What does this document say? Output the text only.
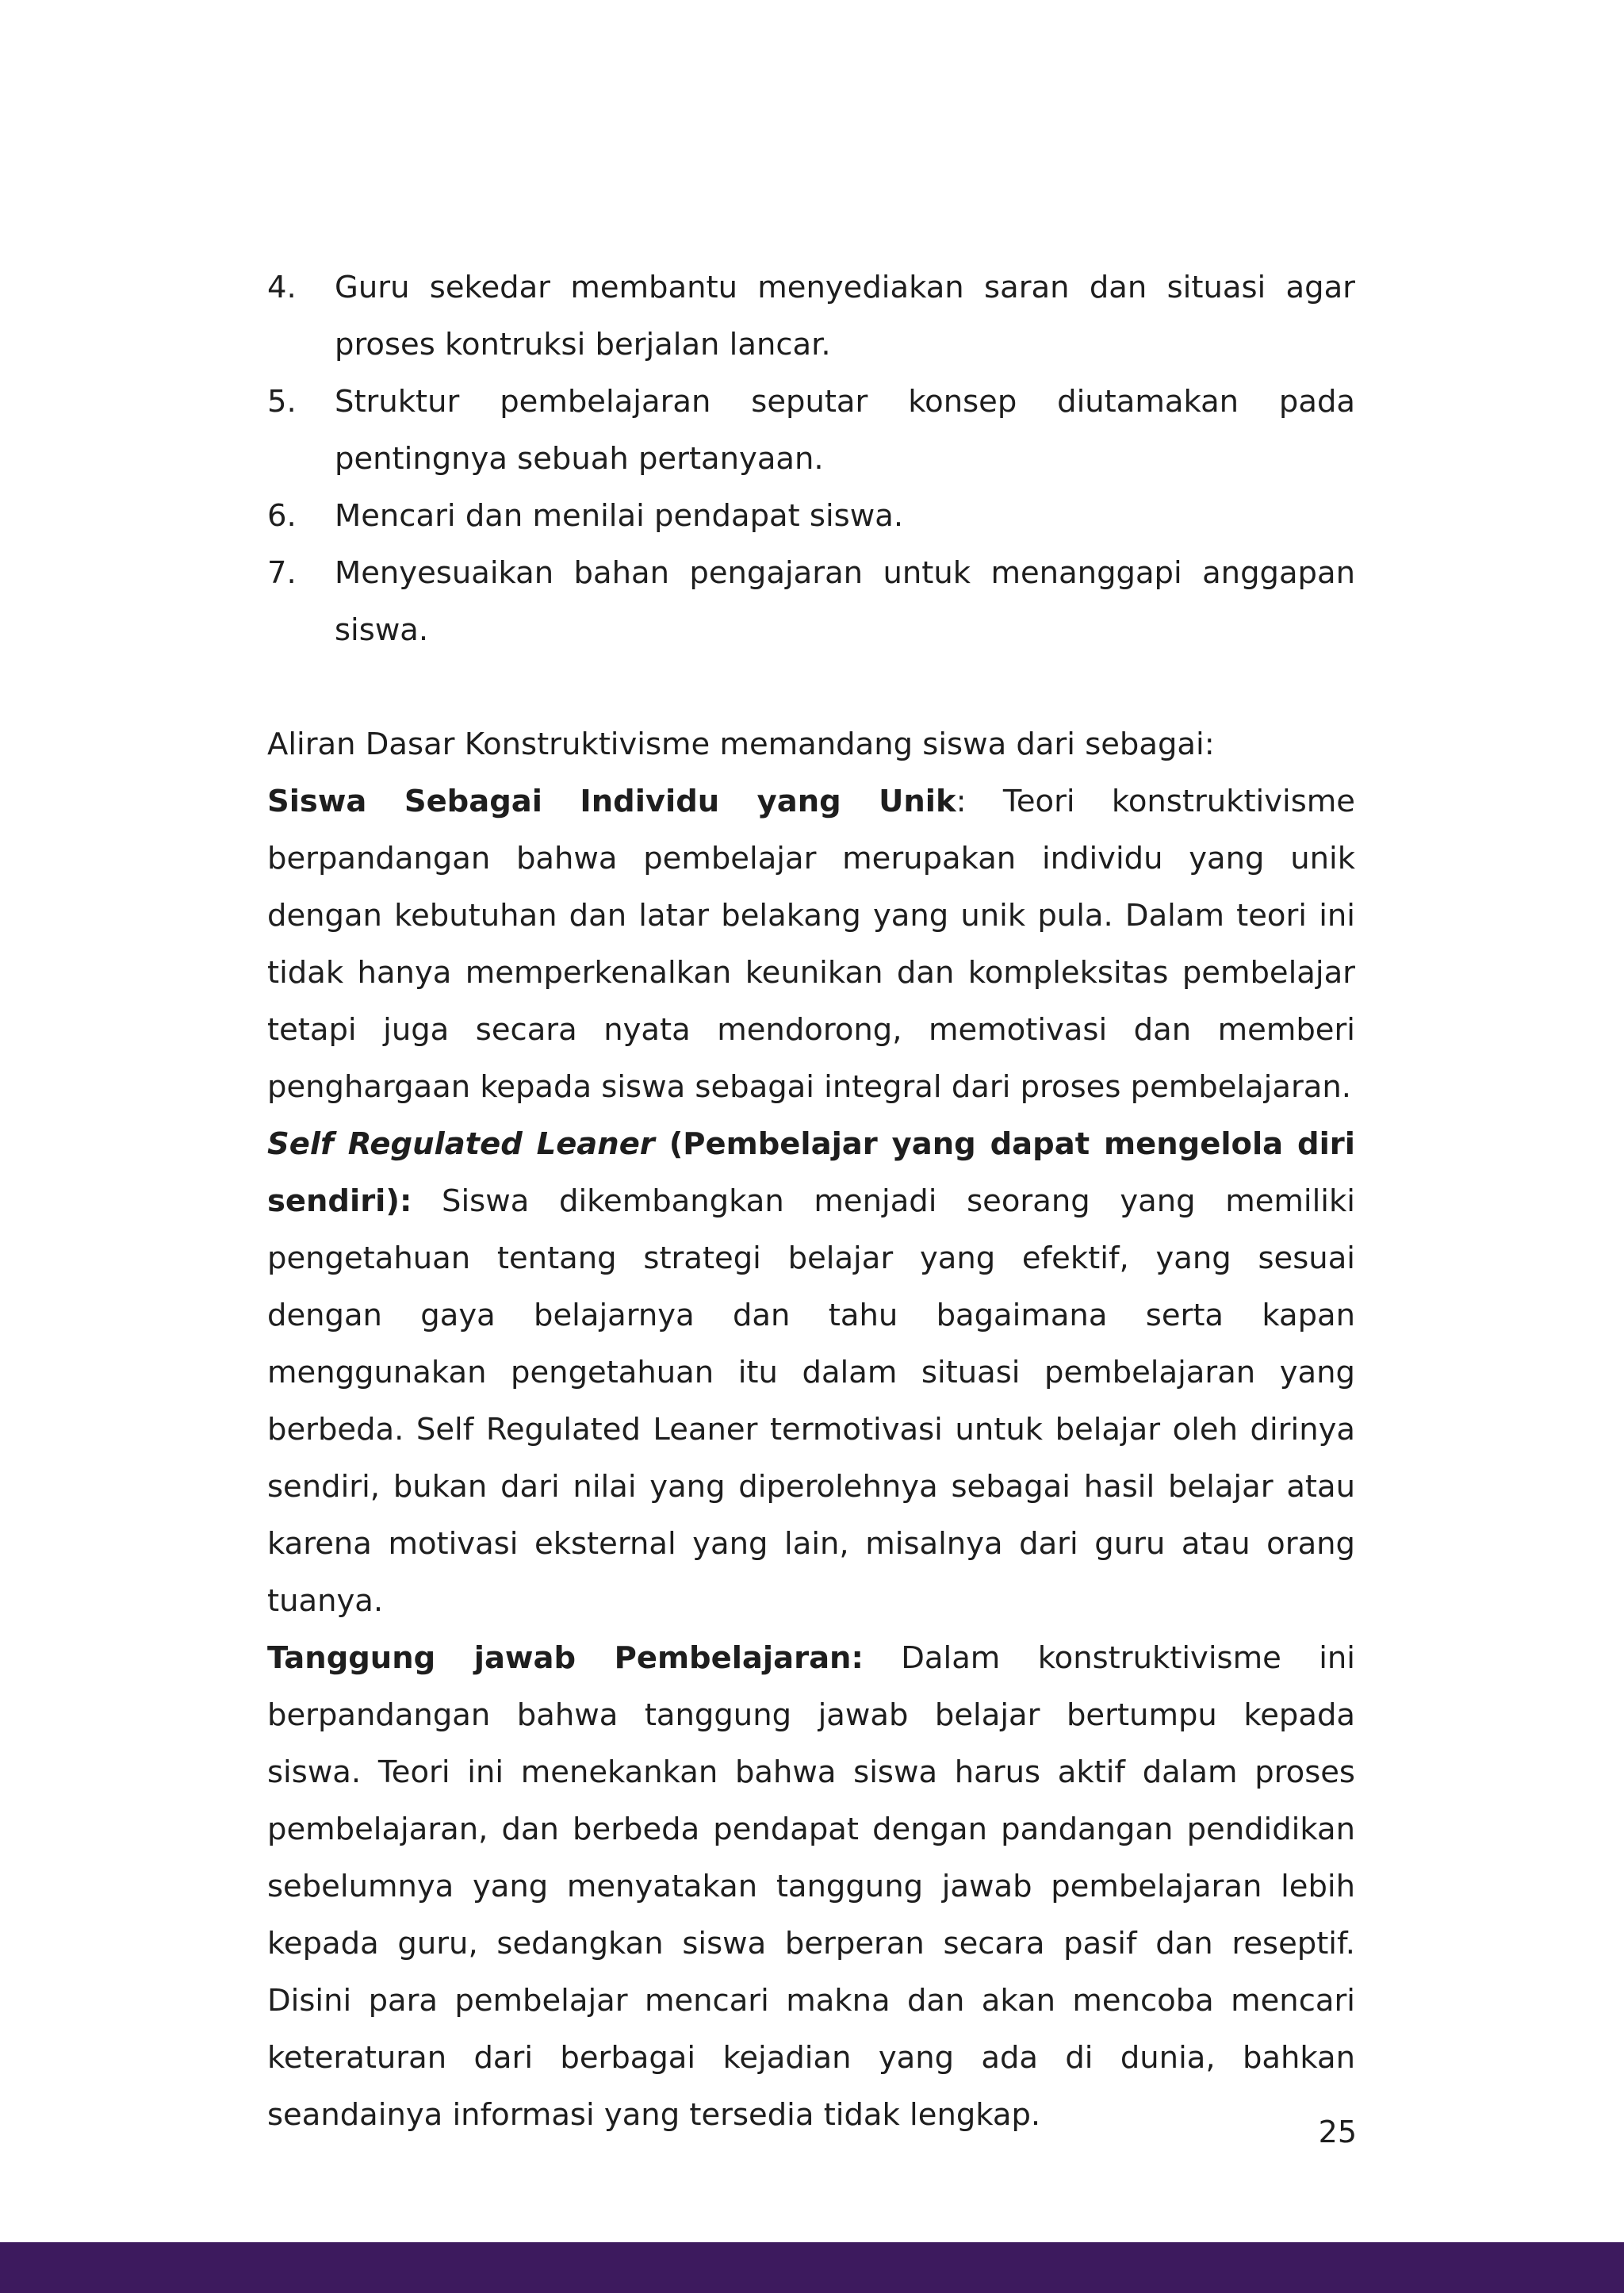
4. Guru sekedar membantu menyediakan saran dan situasi agar proses kontruksi berjalan lancar.
5. Struktur pembelajaran seputar konsep diutamakan pada pentingnya sebuah pertanyaan.
6. Mencari dan menilai pendapat siswa.
7. Menyesuaikan bahan pengajaran untuk menanggapi anggapan siswa.

Aliran Dasar Konstruktivisme memandang siswa dari sebagai:

Siswa Sebagai Individu yang Unik: Teori konstruktivisme berpandangan bahwa pembelajar merupakan individu yang unik dengan kebutuhan dan latar belakang yang unik pula. Dalam teori ini tidak hanya memperkenalkan keunikan dan kompleksitas pembelajar tetapi juga secara nyata mendorong, memotivasi dan memberi penghargaan kepada siswa sebagai integral dari proses pembelajaran.

Self Regulated Leaner (Pembelajar yang dapat mengelola diri sendiri): Siswa dikembangkan menjadi seorang yang memiliki pengetahuan tentang strategi belajar yang efektif, yang sesuai dengan gaya belajarnya dan tahu bagaimana serta kapan menggunakan pengetahuan itu dalam situasi pembelajaran yang berbeda. Self Regulated Leaner termotivasi untuk belajar oleh dirinya sendiri, bukan dari nilai yang diperolehnya sebagai hasil belajar atau karena motivasi eksternal yang lain, misalnya dari guru atau orang tuanya.

Tanggung jawab Pembelajaran: Dalam konstruktivisme ini berpandangan bahwa tanggung jawab belajar bertumpu kepada siswa. Teori ini menekankan bahwa siswa harus aktif dalam proses pembelajaran, dan berbeda pendapat dengan pandangan pendidikan sebelumnya yang menyatakan tanggung jawab pembelajaran lebih kepada guru, sedangkan siswa berperan secara pasif dan reseptif. Disini para pembelajar mencari makna dan akan mencoba mencari keteraturan dari berbagai kejadian yang ada di dunia, bahkan seandainya informasi yang tersedia tidak lengkap.	25
